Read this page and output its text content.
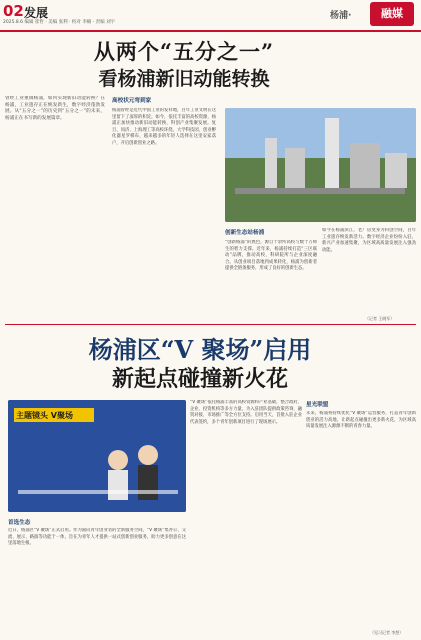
02 发展
2025.8.6 编辑 崔哲 · 美编 张利 · 校对 李楠 · 责编 刘宇
杨浦·	融媒
从两个“五分之一”
看杨浦新旧动能转换
曾经工业重镇杨浦，如何实现新旧动能转换？在杨浦，工业遗存正在焕发新生，数字经济蓬勃发展。从“五分之一”的历史到“五分之一”的未来，杨浦正在书写新的发展篇章。
高校状元弯到家
杨浦曾经是近代中国工业的发祥地，百年工业文明在这里留下了深厚的积淀。如今，依托丰富的高校资源，杨浦正加快推动新旧动能转换，科创产业集聚发展。复旦、同济、上海理工等高校环绕，大学科技园、创业孵化器星罗棋布，越来越多的年轻人选择在这里安家落户，开启创新创业之路。
创新生态站杨浦
“创新杨浦”的底色，源自十余所高校与数十万师生的智力支撑。近年来，杨浦持续打造“三区联动”品牌，推动高校、科研院所与企业深度融合。从创业项目落地到成果转化，杨浦为创新者提供全链条服务，形成了良好的创新生态。
如今在杨浦滨江，老厂房变身为科创空间，百年工业遗存焕发新活力。数字经济企业纷纷入驻，新兴产业加速集聚，为区域高质量发展注入强劲动能。
（记者 王晓军）
杨浦区“V 聚场”启用
新起点碰撞新火花
主题镜头 V聚场
首选生态
近日，杨浦区“V 聚场”正式启用。作为面向青年创业者的全新服务空间，“V 聚场”集办公、交流、展示、路演等功能于一体，旨在为青年人才提供一站式创新创业服务，助力更多创意在这里落地生根。
“V 聚场”依托杨浦丰富的高校资源和产业基础，整合政府、企业、投资机构等多方力量，为入驻团队提供政策咨询、融资对接、市场推广等全方位支持。启用当天，首批入驻企业代表签约，多个青年创新项目进行了现场展示。
星光联盟
未来，杨浦将持续优化“V 聚场”运营服务，打造青年创新创业的活力高地，让新起点碰撞出更多新火花，为区域高质量发展注入源源不断的青春力量。
（见习记者 李想）
